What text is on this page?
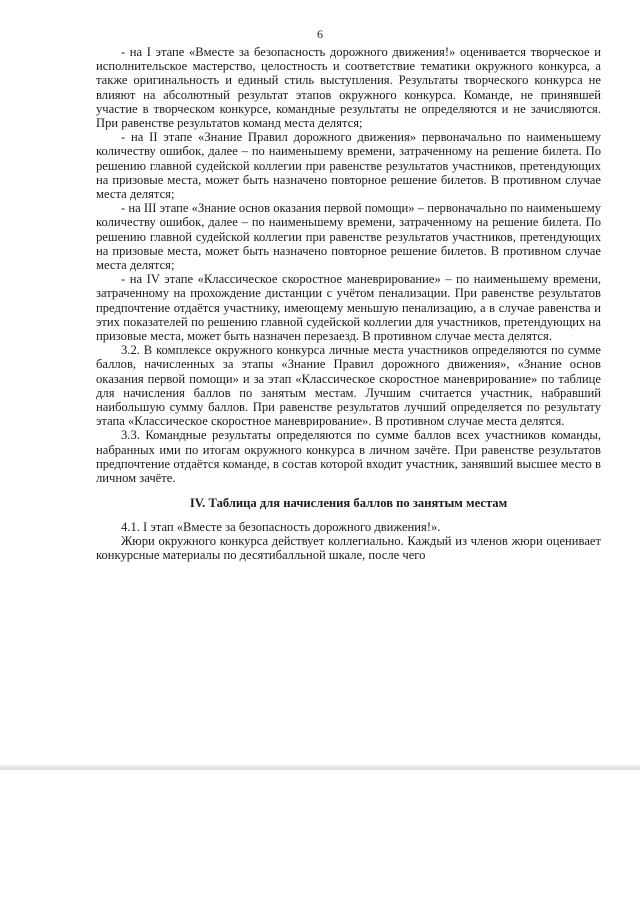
6

- на I этапе «Вместе за безопасность дорожного движения!» оценивается творческое и исполнительское мастерство, целостность и соответствие тематики окружного конкурса, а также оригинальность и единый стиль выступления. Результаты творческого конкурса не влияют на абсолютный результат этапов окружного конкурса. Команде, не принявшей участие в творческом конкурсе, командные результаты не определяются и не зачисляются. При равенстве результатов команд места делятся;

- на II этапе «Знание Правил дорожного движения» первоначально по наименьшему количеству ошибок, далее – по наименьшему времени, затраченному на решение билета. По решению главной судейской коллегии при равенстве результатов участников, претендующих на призовые места, может быть назначено повторное решение билетов. В противном случае места делятся;

- на III этапе «Знание основ оказания первой помощи» – первоначально по наименьшему количеству ошибок, далее – по наименьшему времени, затраченному на решение билета. По решению главной судейской коллегии при равенстве результатов участников, претендующих на призовые места, может быть назначено повторное решение билетов. В противном случае места делятся;

- на IV этапе «Классическое скоростное маневрирование» – по наименьшему времени, затраченному на прохождение дистанции с учётом пенализации. При равенстве результатов предпочтение отдаётся участнику, имеющему меньшую пенализацию, а в случае равенства и этих показателей по решению главной судейской коллегии для участников, претендующих на призовые места, может быть назначен перезаезд. В противном случае места делятся.

3.2. В комплексе окружного конкурса личные места участников определяются по сумме баллов, начисленных за этапы «Знание Правил дорожного движения», «Знание основ оказания первой помощи» и за этап «Классическое скоростное маневрирование» по таблице для начисления баллов по занятым местам. Лучшим считается участник, набравший наибольшую сумму баллов. При равенстве результатов лучший определяется по результату этапа «Классическое скоростное маневрирование». В противном случае места делятся.

3.3. Командные результаты определяются по сумме баллов всех участников команды, набранных ими по итогам окружного конкурса в личном зачёте. При равенстве результатов предпочтение отдаётся команде, в состав которой входит участник, занявший высшее место в личном зачёте.

IV. Таблица для начисления баллов по занятым местам

4.1. I этап «Вместе за безопасность дорожного движения!».

Жюри окружного конкурса действует коллегиально. Каждый из членов жюри оценивает конкурсные материалы по десятибалльной шкале, после чего
